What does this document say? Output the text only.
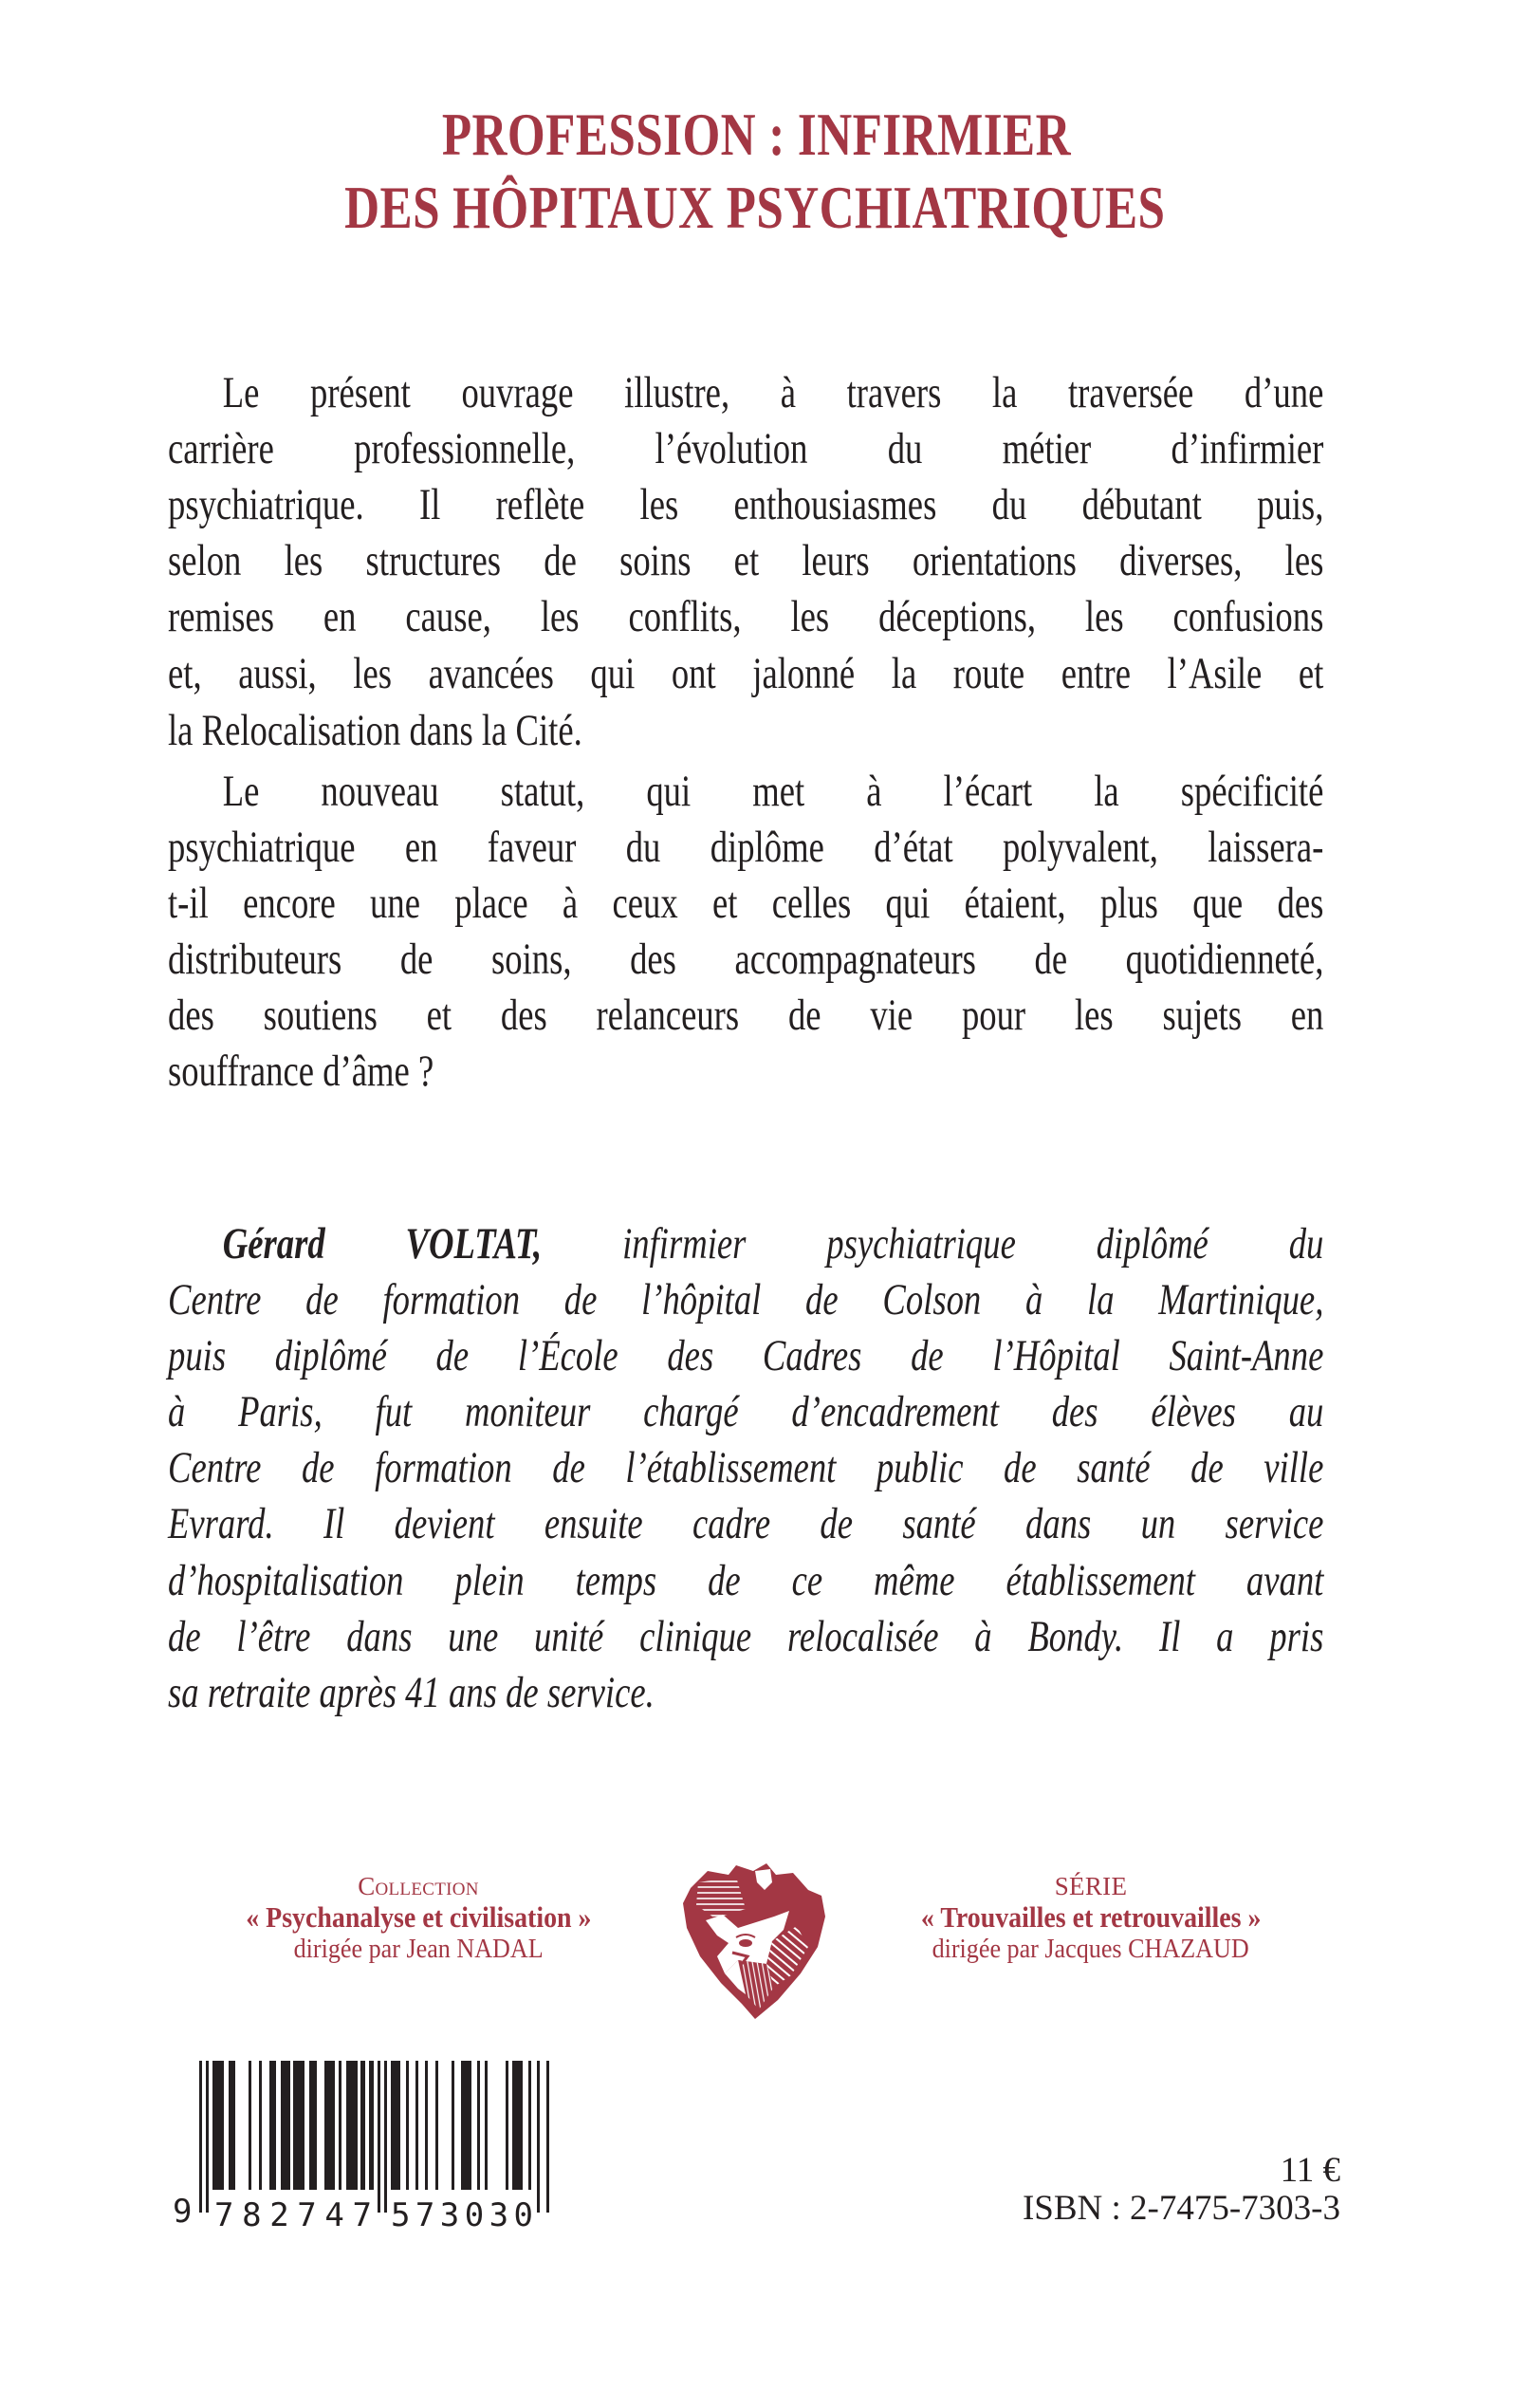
PROFESSION : INFIRMIER
DES HÔPITAUX PSYCHIATRIQUES
Le présent ouvrage illustre, à travers la traversée d’une
carrière professionnelle, l’évolution du métier d’infirmier
psychiatrique. Il reflète les enthousiasmes du débutant puis,
selon les structures de soins et leurs orientations diverses, les
remises en cause, les conflits, les déceptions, les confusions
et, aussi, les avancées qui ont jalonné la route entre l’Asile et
la Relocalisation dans la Cité.
Le nouveau statut, qui met à l’écart la spécificité
psychiatrique en faveur du diplôme d’état polyvalent, laissera-
t-il encore une place à ceux et celles qui étaient, plus que des
distributeurs de soins, des accompagnateurs de quotidienneté,
des soutiens et des relanceurs de vie pour les sujets en
souffrance d’âme ?
Gérard VOLTAT, infirmier psychiatrique diplômé du
Centre de formation de l’hôpital de Colson à la Martinique,
puis diplômé de l’École des Cadres de l’Hôpital Saint-Anne
à Paris, fut moniteur chargé d’encadrement des élèves au
Centre de formation de l’établissement public de santé de ville
Evrard. Il devient ensuite cadre de santé dans un service
d’hospitalisation plein temps de ce même établissement avant
de l’être dans une unité clinique relocalisée à Bondy. Il a pris
sa retraite après 41 ans de service.
Collection
« Psychanalyse et civilisation »
dirigée par Jean NADAL
SÉRIE
« Trouvailles et retrouvailles »
dirigée par Jacques CHAZAUD
9 782747 573030
11 €
ISBN : 2-7475-7303-3
